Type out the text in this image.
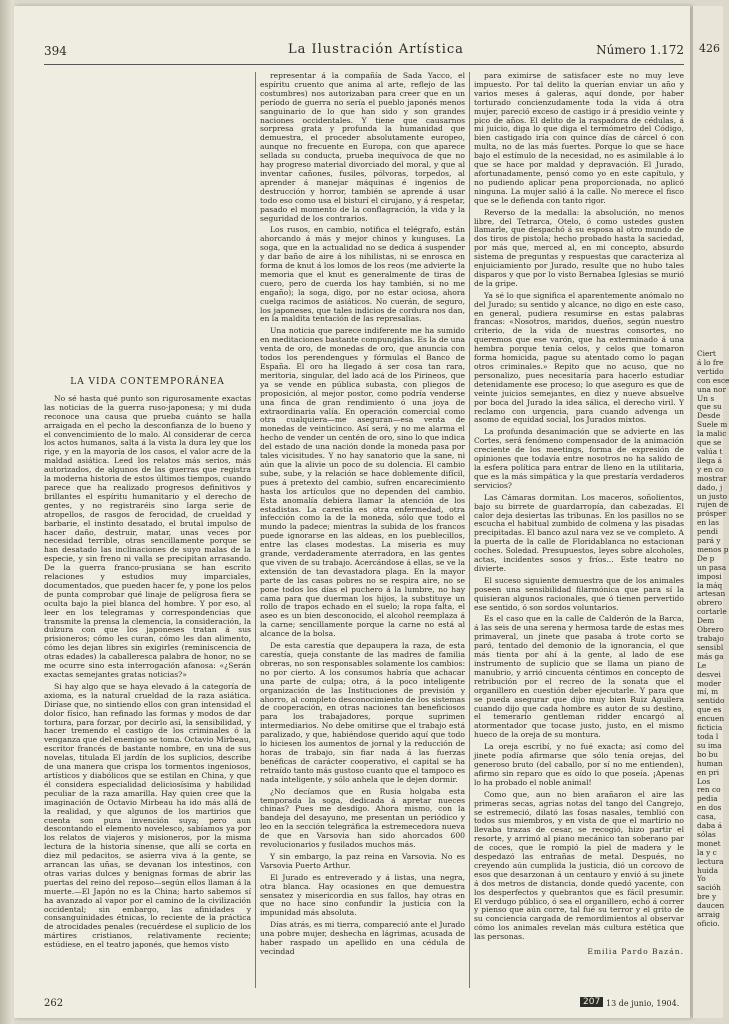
394	La Ilustración Artística	Número 1.172
LA VIDA CONTEMPORÁNEA

No sé hasta qué punto son rigurosamente exactas las noticias de la guerra ruso-japonesa; y mi duda reconoce una causa que prueba cuánto se halla arraigada en el pecho la desconfianza de lo bueno y el convencimiento de lo malo. Al considerar de cerca los actos humanos, salta á la vista la dura ley que los rige, y en la mayoría de los casos, el valor acre de la maldad asiática. Leed los relatos más serios, más autorizados, de algunos de las guerras que registra la moderna historia de estos últimos tiempos, cuando parece que ha realizado progresos definitivos y brillantes el espíritu humanitario y el derecho de gentes, y no registraréis sino larga serie de atropellos, de rasgos de ferocidad, de crueldad y barbarie, el instinto desatado, el brutal impulso de hacer daño, destruir, matar, unas veces por necesidad terrible, otras sencillamente porque se han desatado las inclinaciones de suyo malas de la especie, y sin freno ni valla se precipitan arrasando. De la guerra franco-prusiana se han escrito relaciones y estudios muy imparciales, documentados, que pueden hacer fe, y pone los pelos de punta comprobar qué linaje de pelígrosa fiera se oculta bajo la piel blanca del hombre. Y por eso, al leer en los telegramas y correspondencias que transmite la prensa la clemencia, la consideración, la dulzura con que los japoneses tratan á sus prisioneros; cómo les curan, cómo les dan alimento, cómo les dejan libres sin exigirles (reminiscencia de otras edades) la caballeresca palabra de honor, no se me ocurre sino esta interrogación afanosa: «¿Serán exactas semejantes gratas noticias?»

Si hay algo que se haya elevado á la categoría de axioma, es la natural crueldad de la raza asiática. Diríase que, no sintiendo ellos con gran intensidad el dolor físico, han refinado las formas y modos de dar tortura, para forzar, por decirlo así, la sensibilidad, y hacer tremendo el castigo de los criminales ó la venganza que del enemigo se toma. Octavio Mirbeau, escritor francés de bastante nombre, en una de sus novelas, titulada El jardín de los suplicios, describe de una manera que crispa los tormentos ingeniosos, artísticos y diabólicos que se estilan en China, y que él considera especialidad deliciosísima y habilidad peculiar de la raza amarilla. Hay quien cree que la imaginación de Octavio Mirbeau ha ido más allá de la realidad, y que algunos de los martirios que cuenta son pura invención suya; pero aun descontando el elemento novelesco, sabíamos ya por los relatos de viajeros y misioneros, por la misma lectura de la historia sínense, que allí se corta en diez mil pedacitos, se asierra viva á la gente, se arrancan las uñas, se devanan los intestinos, con otras varias dulces y benignas formas de abrir las puertas del reino del reposo—según ellos llaman á la muerte.—El Japón no es la China; harto sabemos sí ha avanzado al vapor por el camino de la civilización occidental; sin embargo, las afinidades y consanguinidades étnicas, lo reciente de la práctica de atrocidades penales (recuérdese el suplicio de los mártires cristianos, relativamente reciente; estúdiese, en el teatro japonés, que hemos visto

representar á la compañía de Sada Yacco, el espíritu cruento que anima al arte, reflejo de las costumbres) nos autorizaban para creer que en un período de guerra no sería el pueblo japonés menos sanguinario de lo que han sido y son grandes naciones occidentales. Y tiene que causarnos sorpresa grata y profunda la humanidad que demuestra, el proceder absolutamente europeo, aunque no frecuente en Europa, con que aparece sellada su conducta, prueba inequívoca de que no hay progreso material divorciado del moral, y que al inventar cañones, fusiles, pólvoras, torpedos, al aprender á manejar máquinas é ingenios de destrucción y horror, también se aprende á usar todo eso como usa el bisturí el cirujano, y á respetar, pasado el momento de la conflagración, la vida y la seguridad de los contrarios.

Los rusos, en cambio, notifica el telégrafo, están ahorcando á más y mejor chinos y kunguses. La soga, que en la actualidad no se dedica á suspender y dar baño de aire á los nihilistas, ni se enrosca en forma de knut á los lomos de los reos (me advierte la memoria que el knut es generalmente de tiras de cuero, pero de cuerda los hay también, si no me engaño); la soga, digo, por no estar ociosa, ahora cuelga racimos de asiáticos. No cuerán, de seguro, los japoneses, que tales indicios de cordura nos dan, en la maldita tentación de las represalias.

Una noticia que parece indiferente me ha sumido en meditaciones bastante compungidas. Es la de una venta de oro, de monedas de oro, que anuncia con todos los perendengues y fórmulas el Banco de España. El oro ha llegado á ser cosa tan rara, meritoria, singular, del lado acá de los Pirineos, que ya se vende en pública subasta, con pliegos de proposición, al mejor postor, como podría venderse una finca de gran rendimiento ó una joya de extraordinaria valía. En operación comercial como otra cualquiera—me aseguran—esa venta de monedas de veinticinco. Así será, y no me alarma el hecho de vender un centén de oro, sino lo que indica del estado de una nación donde la moneda pasa por tales vicisitudes. Y no hay sanatorio que la sane, ni aún que la alivie un poco de su dolencia. El cambio sube, sube, y la relación se hace doblemente difícil, pues á pretexto del cambio, sufren encarecimiento hasta los artículos que no dependen del cambio. Esta anomalía debiera llamar la atención de los estadistas. La carestía es otra enfermedad, otra infección como la de la moneda, sólo que todo el mundo la padece; mientras la subida de los francos puede ignorarse en las aldeas, en los pueblecillos, entre las clases modestas. La miseria es muy grande, verdaderamente aterradora, en las gentes que viven de su trabajo. Acercándose á ellas, se ve la extensión de tan devastadora plaga. En la mayor parte de las casas pobres no se respira aire, no se pone todos los días el puchero á la lumbre, no hay cama para que duerman los hijos, la substituye un rollo de trapos echado en el suelo; la ropa falta, el aseo es un bien desconocido, el alcohol reemplaza á la carne; sencillamente porque la carne no está al alcance de la bolsa.

De esta carestía que depaupera la raza, de esta carestía, queja constante de las madres de familia obreras, no son responsables solamente los cambios: no por cierto. A los consumos habría que achacar una parte de culpa; otra, á la poco inteligente organización de las Instituciones de previsión y ahorro, al completo desconocimiento de los sistemas de cooperación, en otras naciones tan beneficiosos para los trabajadores, porque suprimen intermediarios. No debe omitirse que el trabajo está paralizado, y que, habiéndose querido aquí que todo lo hiciesen los aumentos de jornal y la reducción de horas de trabajo, sin fiar nada á las fuerzas benéficas de carácter cooperativo, el capital se ha retraído tanto más gustoso cuanto que el tampoco es nada inteligente, y sólo anhela que le dejen dormir.

¿No decíamos que en Rusia holgaba esta temporada la soga, dedicada á apretar nueces chinas? Pues me desdigo. Ahora mismo, con la bandeja del desayuno, me presentan un periódico y leo en la sección telegráfica la estremecedora nueva de que en Varsovia han sido ahorcados 600 revolucionarios y fusilados muchos más.

Y sin embargo, la paz reina en Varsovia. No es Varsovia Puerto Arthur.

El Jurado es entreverado y á listas, una negra, otra blanca. Hay ocasiones en que demuestra sensatez y misericordia en sus fallos, hay otras en que no hace sino confundir la justicia con la impunidad más absoluta.

Días atrás, es mi tierra, compareció ante el Jurado una pobre mujer, deshecha en lágrimas, acusada de haber raspado un apellido en una cédula de vecindad

para eximirse de satisfacer este no muy leve impuesto. Por tal delito la querían enviar un año y varios meses á galeras, aquí donde, por haber torturado concienzudamente toda la vida á otra mujer, pareció exceso de castigo ir á presidio veinte y pico de años. El delito de la raspadora de cédulas, á mi juicio, diga lo que diga el termómetro del Código, bien castigado iría con quince días de cárcel ó con multa, no de las más fuertes. Porque lo que se hace bajo el estímulo de la necesidad, no es asimilable á lo que se hace por maldad y depravación. El Jurado, afortunadamente, pensó como yo en este capítulo, y no pudiendo aplicar pena proporcionada, no aplicó ninguna. La mujer salió á la calle. No merece el fisco que se le defienda con tanto rigor.

Reverso de la medalla: la absolución, no menos libre, del Tetrarca, Otelo, ó como ustedes gusten llamarle, que despachó á su esposa al otro mundo de dos tiros de pistola; hecho probado hasta la saciedad, por más que, merced al, en mi concepto, absurdo sistema de preguntas y respuestas que caracteriza al enjuiciamiento por Jurado, resulte que no hubo tales disparos y que por lo visto Bernabea Iglesias se murió de la gripe.

Ya sé lo que significa el aparentemente anómalo no del Jurado; su sentido y alcance, no digo en este caso, en general, pudiera resumirse en estas palabras francas: «Nosotros, maridos, dueños, según nuestro criterio, de la vida de nuestras consortes, no queremos que ese varón, que ha exterminado á una hembra porque tenía celos, y celos que tomaron forma homicida, pague su atentado como lo pagan otros criminales.» Repito que no acuso, que no personalizo, pues necesitaría para hacerlo estudiar detenidamente ese proceso; lo que aseguro es que de veinte juicios semejantes, en diez y nueve absuelve por boca del Jurado la idea sálica, el derecho viril. Y reclamo con urgencia, para cuando advenga un asomo de equidad social, los Jurados mixtos.

La profunda desanimación que se advierte en las Cortes, será fenómeno compensador de la animación creciente de los meetings, forma de expresión de opiniones que todavía entre nosotros no ha salido de la esfera política para entrar de lleno en la utilitaria, que es la más simpática y la que prestaría verdaderos servicios?

Las Cámaras dormitan. Los maceros, soñolientos, bajo su birrete de guardarropía, dan cabezadas. El calor deja desiertas las tribunas. En los pasillos no se escucha el habitual zumbido de colmena y las pisadas precipitadas. El banco azul nara vez se ve completo. A la puerta de la calle de Floridablanca no estacionan coches. Soledad. Presupuestos, leyes sobre alcoholes, actas, incidentes sosos y fríos... Este teatro no divierte.

El suceso siguiente demuestra que de los animales poseen una sensibilidad filarmónica que para sí la quisieran algunos racionales, que ó tienen pervertido ese sentido, ó son sordos voluntarios.

Es el caso que en la calle de Calderón de la Barca, á las seis de una serena y hermosa tarde de estas mes primaveral, un jinete que pasaba á trote corto se paró, tentado del demonio de la ignorancia, el que más tienta por ahí á la gente, al lado de ese instrumento de suplicio que se llama un piano de manubrio, y arrió cincuenta céntimos en concepto de retribución por el recreo de la sonata que el organillero en cuestión deber ejecutarle. Y para que se pueda asegurar que dijo muy bien Ruiz Aguilera cuando dijo que cada hombre es autor de su destino, el temerario gentleman ridder encargó al atormentador que tocase justo, justo, en el mismo hueco de la oreja de su montura.

La oreja escribí, y no fué exacta; así como del jinete podía afirmarse que sólo tenía orejas, del generoso bruto (del caballo, por sí no me entienden), afirmo sin reparo que es oído lo que poseía. ¡Apenas lo ha probado el noble animal!

Como que, aun no bien arañaron el aire las primeras secas, agrias notas del tango del Cangrejo, se estremeció, dilató las fosas nasales, temblió con todos sus miembros, y en vista de que el martirio no llevaba trazas de cesar, se recogió, hizo partir el resorte, y arrimó al piano mecánico tan soberano par de coces, que le rompió la piel de madera y le despedazó las entrañas de metal. Después, no creyendo aún cumplida la justicia, dió un corcovo de esos que desarzonan á un centauro y envió á su jinete á dos metros de distancia, donde quedó yacente, con los desperfectos y quebrantos que es fácil presumir. El verdugo público, ó sea el organillero, echó á correr y pienso que aún corre, tal fué su terror y el grito de su conciencia cargada de remordimientos al observar cómo los animales revelan más cultura estética que las personas.

Emilia Pardo Bazán.
262	207 13 de junio, 1904.
426
Ciert
á lo fre
vertido
con esce
una nor
Un s
que su
Desde
Suele m
la malic
que se
valúa t
llega á
y en co
mostrar
dado, j
un justo
rujen de
prósper
en las
pendi
pará y
menos p
De p
un pasa
imposi
la máq
artesan
obrero
cortarle
Dem
Obrero
trabajo
sensibl
más ga
Le
desvei
moder
mí, m
sentido
que es
encuen
ficticia
toda l
su ima
bo bu
human
en pri
Los
ren co
pedia
en dos
casa,
daba á
sólas
monet
la y c
lectura
huida
Yo
sacióh
bre y
daucen
arraig
oficio.
